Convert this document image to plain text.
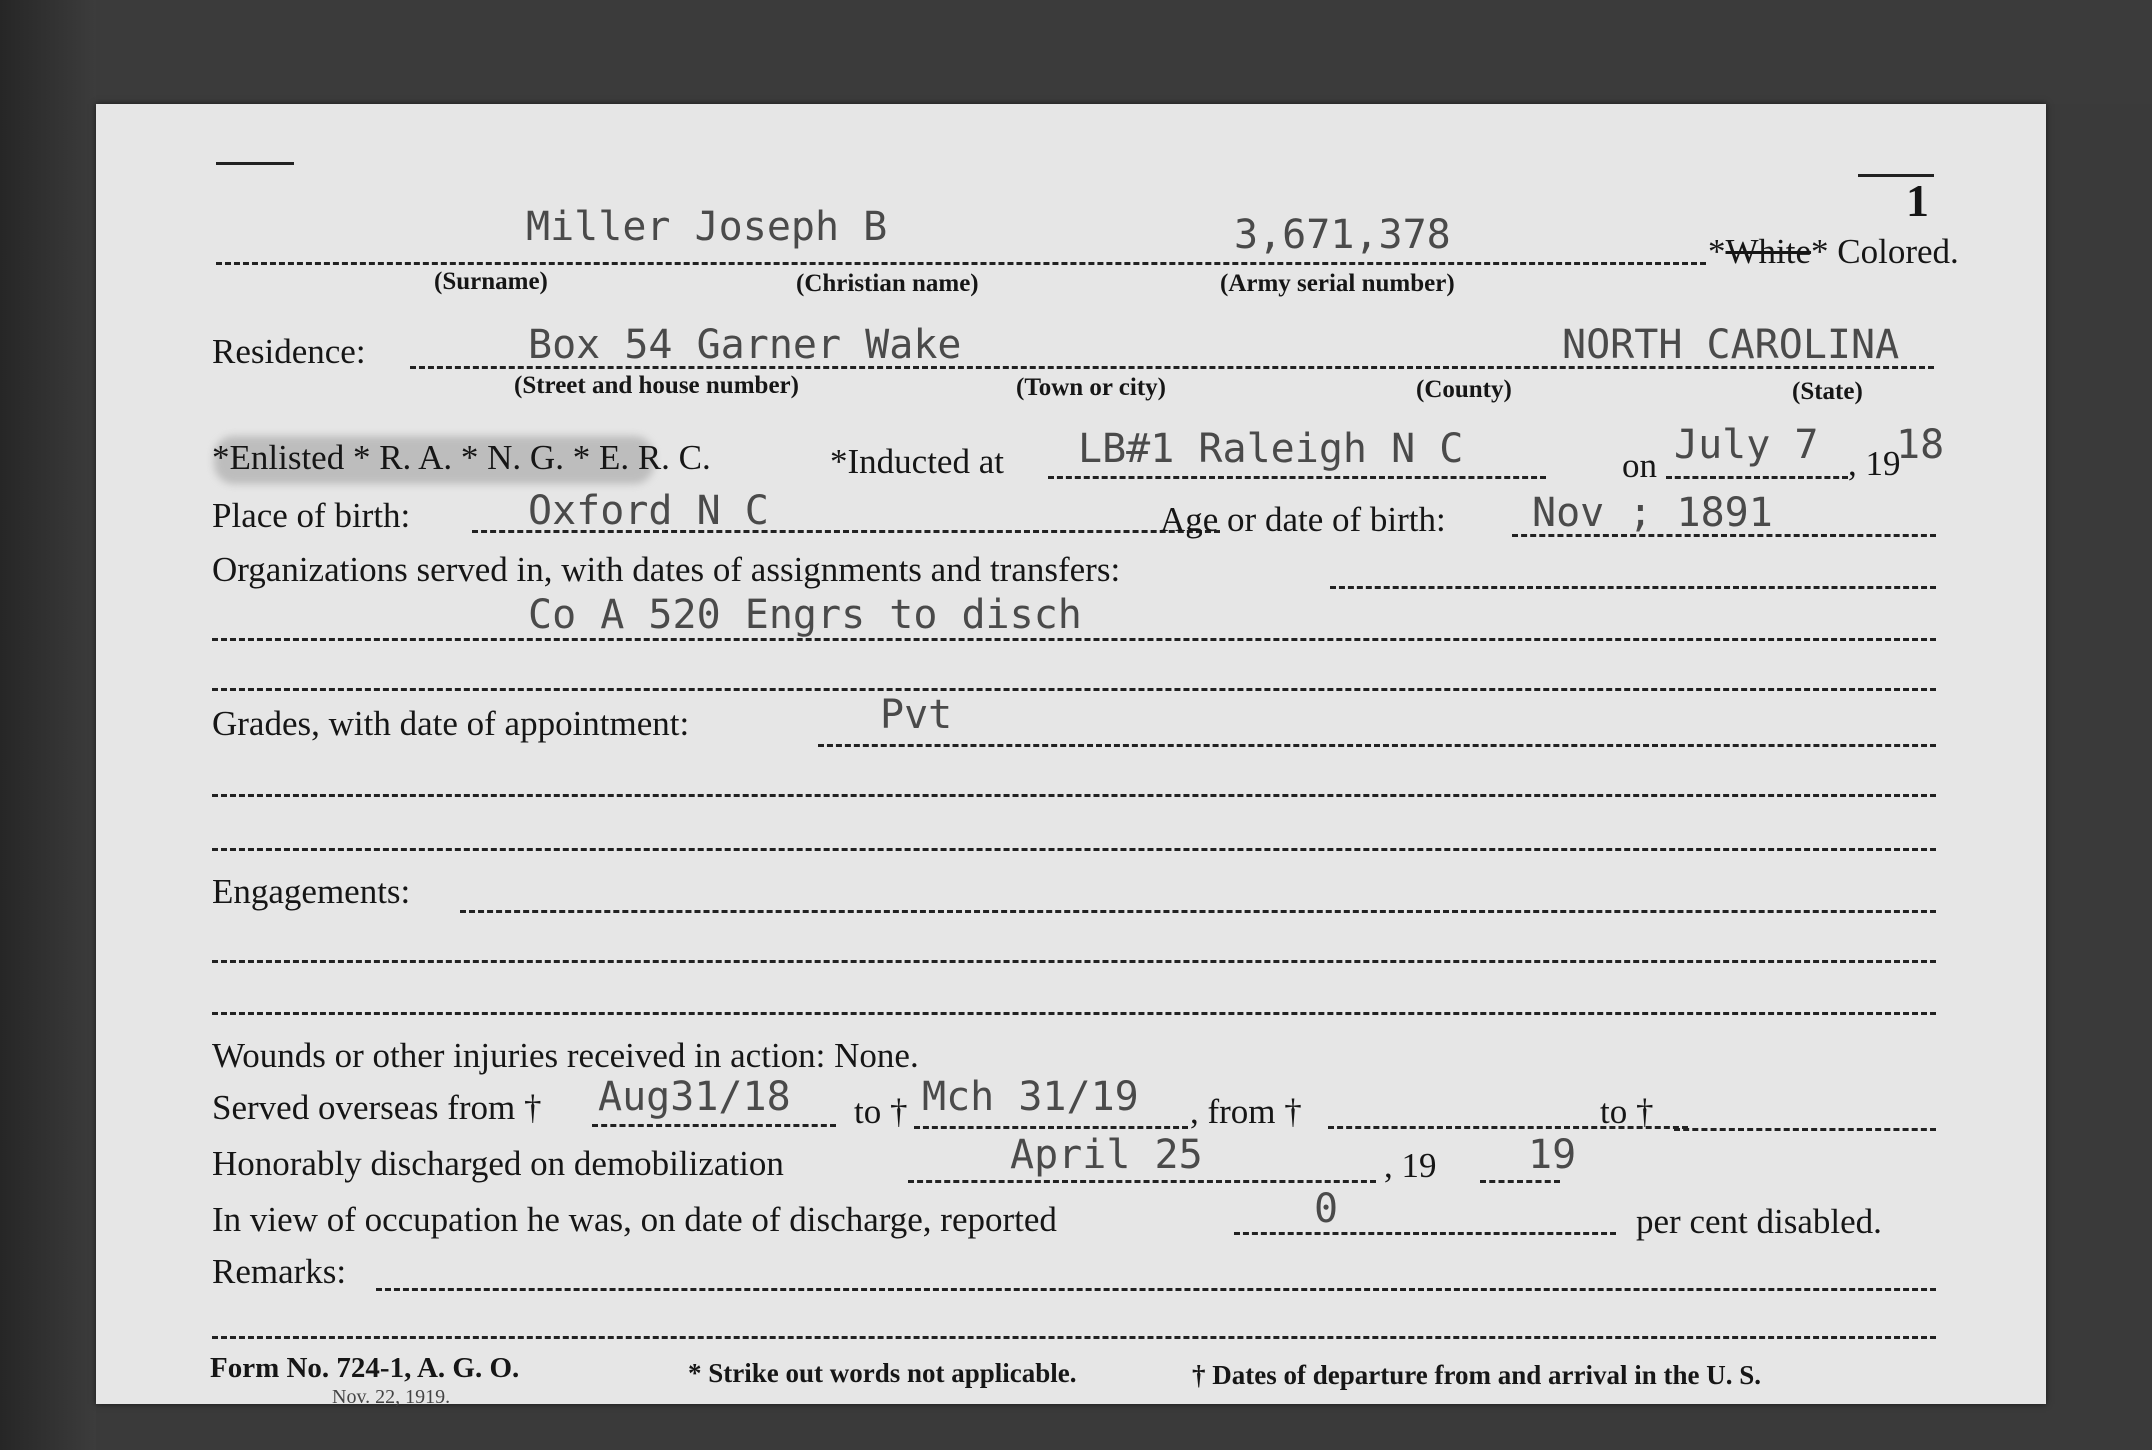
1
Miller Joseph B	3,671,378	*White* Colored.
(Surname)	(Christian name)	(Army serial number)
Residence:	Box 54 Garner Wake	NORTH CAROLINA
(Street and house number)	(Town or city)	(County)	(State)
*Enlisted * R. A. * N. G. * E. R. C.	*Inducted at LB#1 Raleigh N C	on July 7 , 19
18
Place of birth:	Oxford N C	Age or date of birth: Nov ; 1891
Organizations served in, with dates of assignments and transfers:
Co A 520 Engrs to disch
Grades, with date of appointment:	Pvt
Engagements:
Wounds or other injuries received in action: None.
Served overseas from † Aug31/18 to † Mch 31/19 , from †	to †
Honorably discharged on demobilization	April 25	, 19 19
In view of occupation he was, on date of discharge, reported	0	per cent disabled.
Remarks:
Form No. 724-1, A. G. O.
Nov. 22, 1919.
* Strike out words not applicable.	† Dates of departure from and arrival in the U. S.
